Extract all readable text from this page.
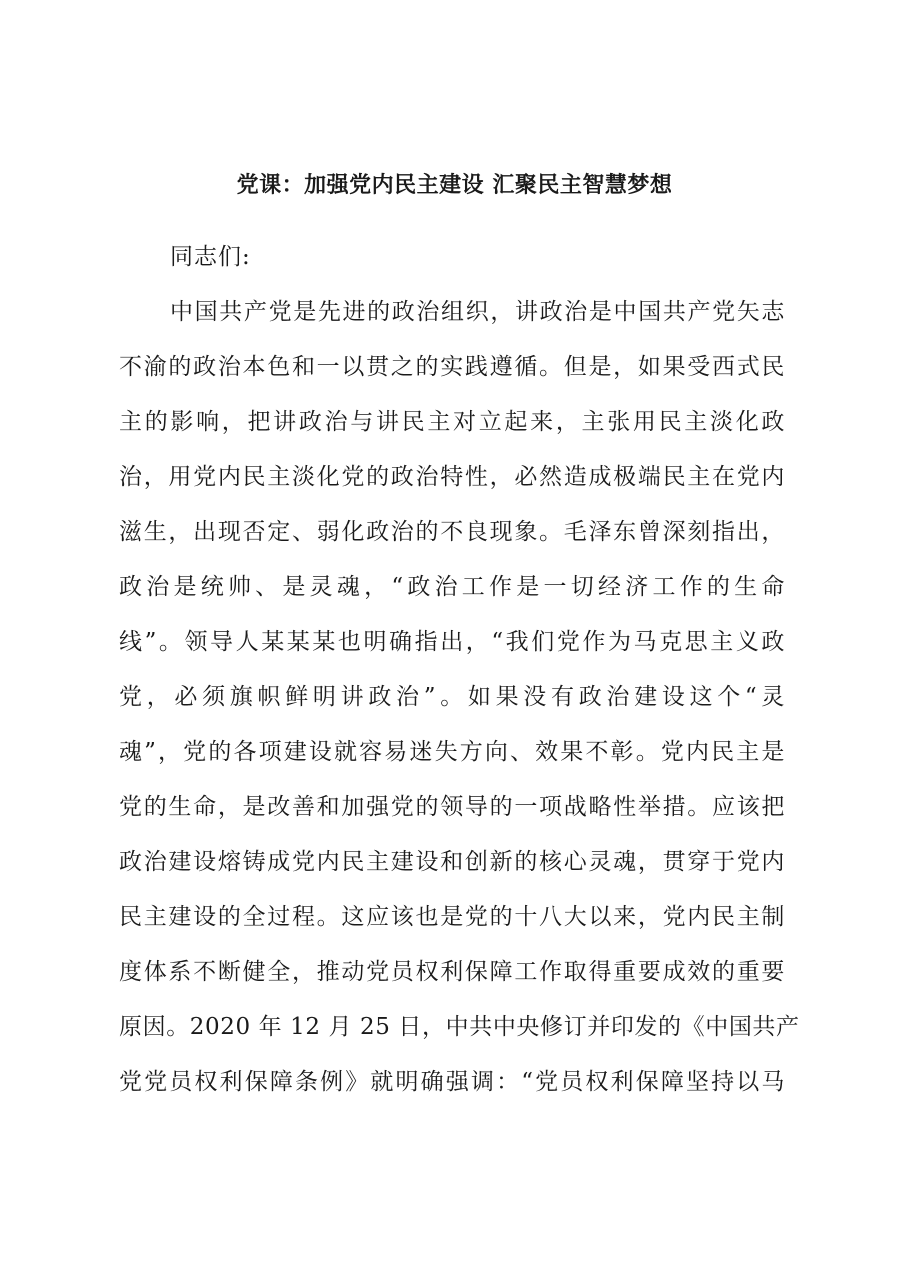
党课：加强党内民主建设 汇聚民主智慧梦想
同志们:
中国共产党是先进的政治组织，讲政治是中国共产党矢志
不渝的政治本色和一以贯之的实践遵循。但是，如果受西式民
主的影响，把讲政治与讲民主对立起来，主张用民主淡化政
治，用党内民主淡化党的政治特性，必然造成极端民主在党内
滋生，出现否定、弱化政治的不良现象。毛泽东曾深刻指出，
政治是统帅、是灵魂，“政治工作是一切经济工作的生命
线”。领导人某某某也明确指出，“我们党作为马克思主义政
党，必须旗帜鲜明讲政治”。如果没有政治建设这个“灵
魂”，党的各项建设就容易迷失方向、效果不彰。党内民主是
党的生命，是改善和加强党的领导的一项战略性举措。应该把
政治建设熔铸成党内民主建设和创新的核心灵魂，贯穿于党内
民主建设的全过程。这应该也是党的十八大以来，党内民主制
度体系不断健全，推动党员权利保障工作取得重要成效的重要
原因。2020 年 12 月 25 日，中共中央修订并印发的《中国共产
党党员权利保障条例》就明确强调：“党员权利保障坚持以马
